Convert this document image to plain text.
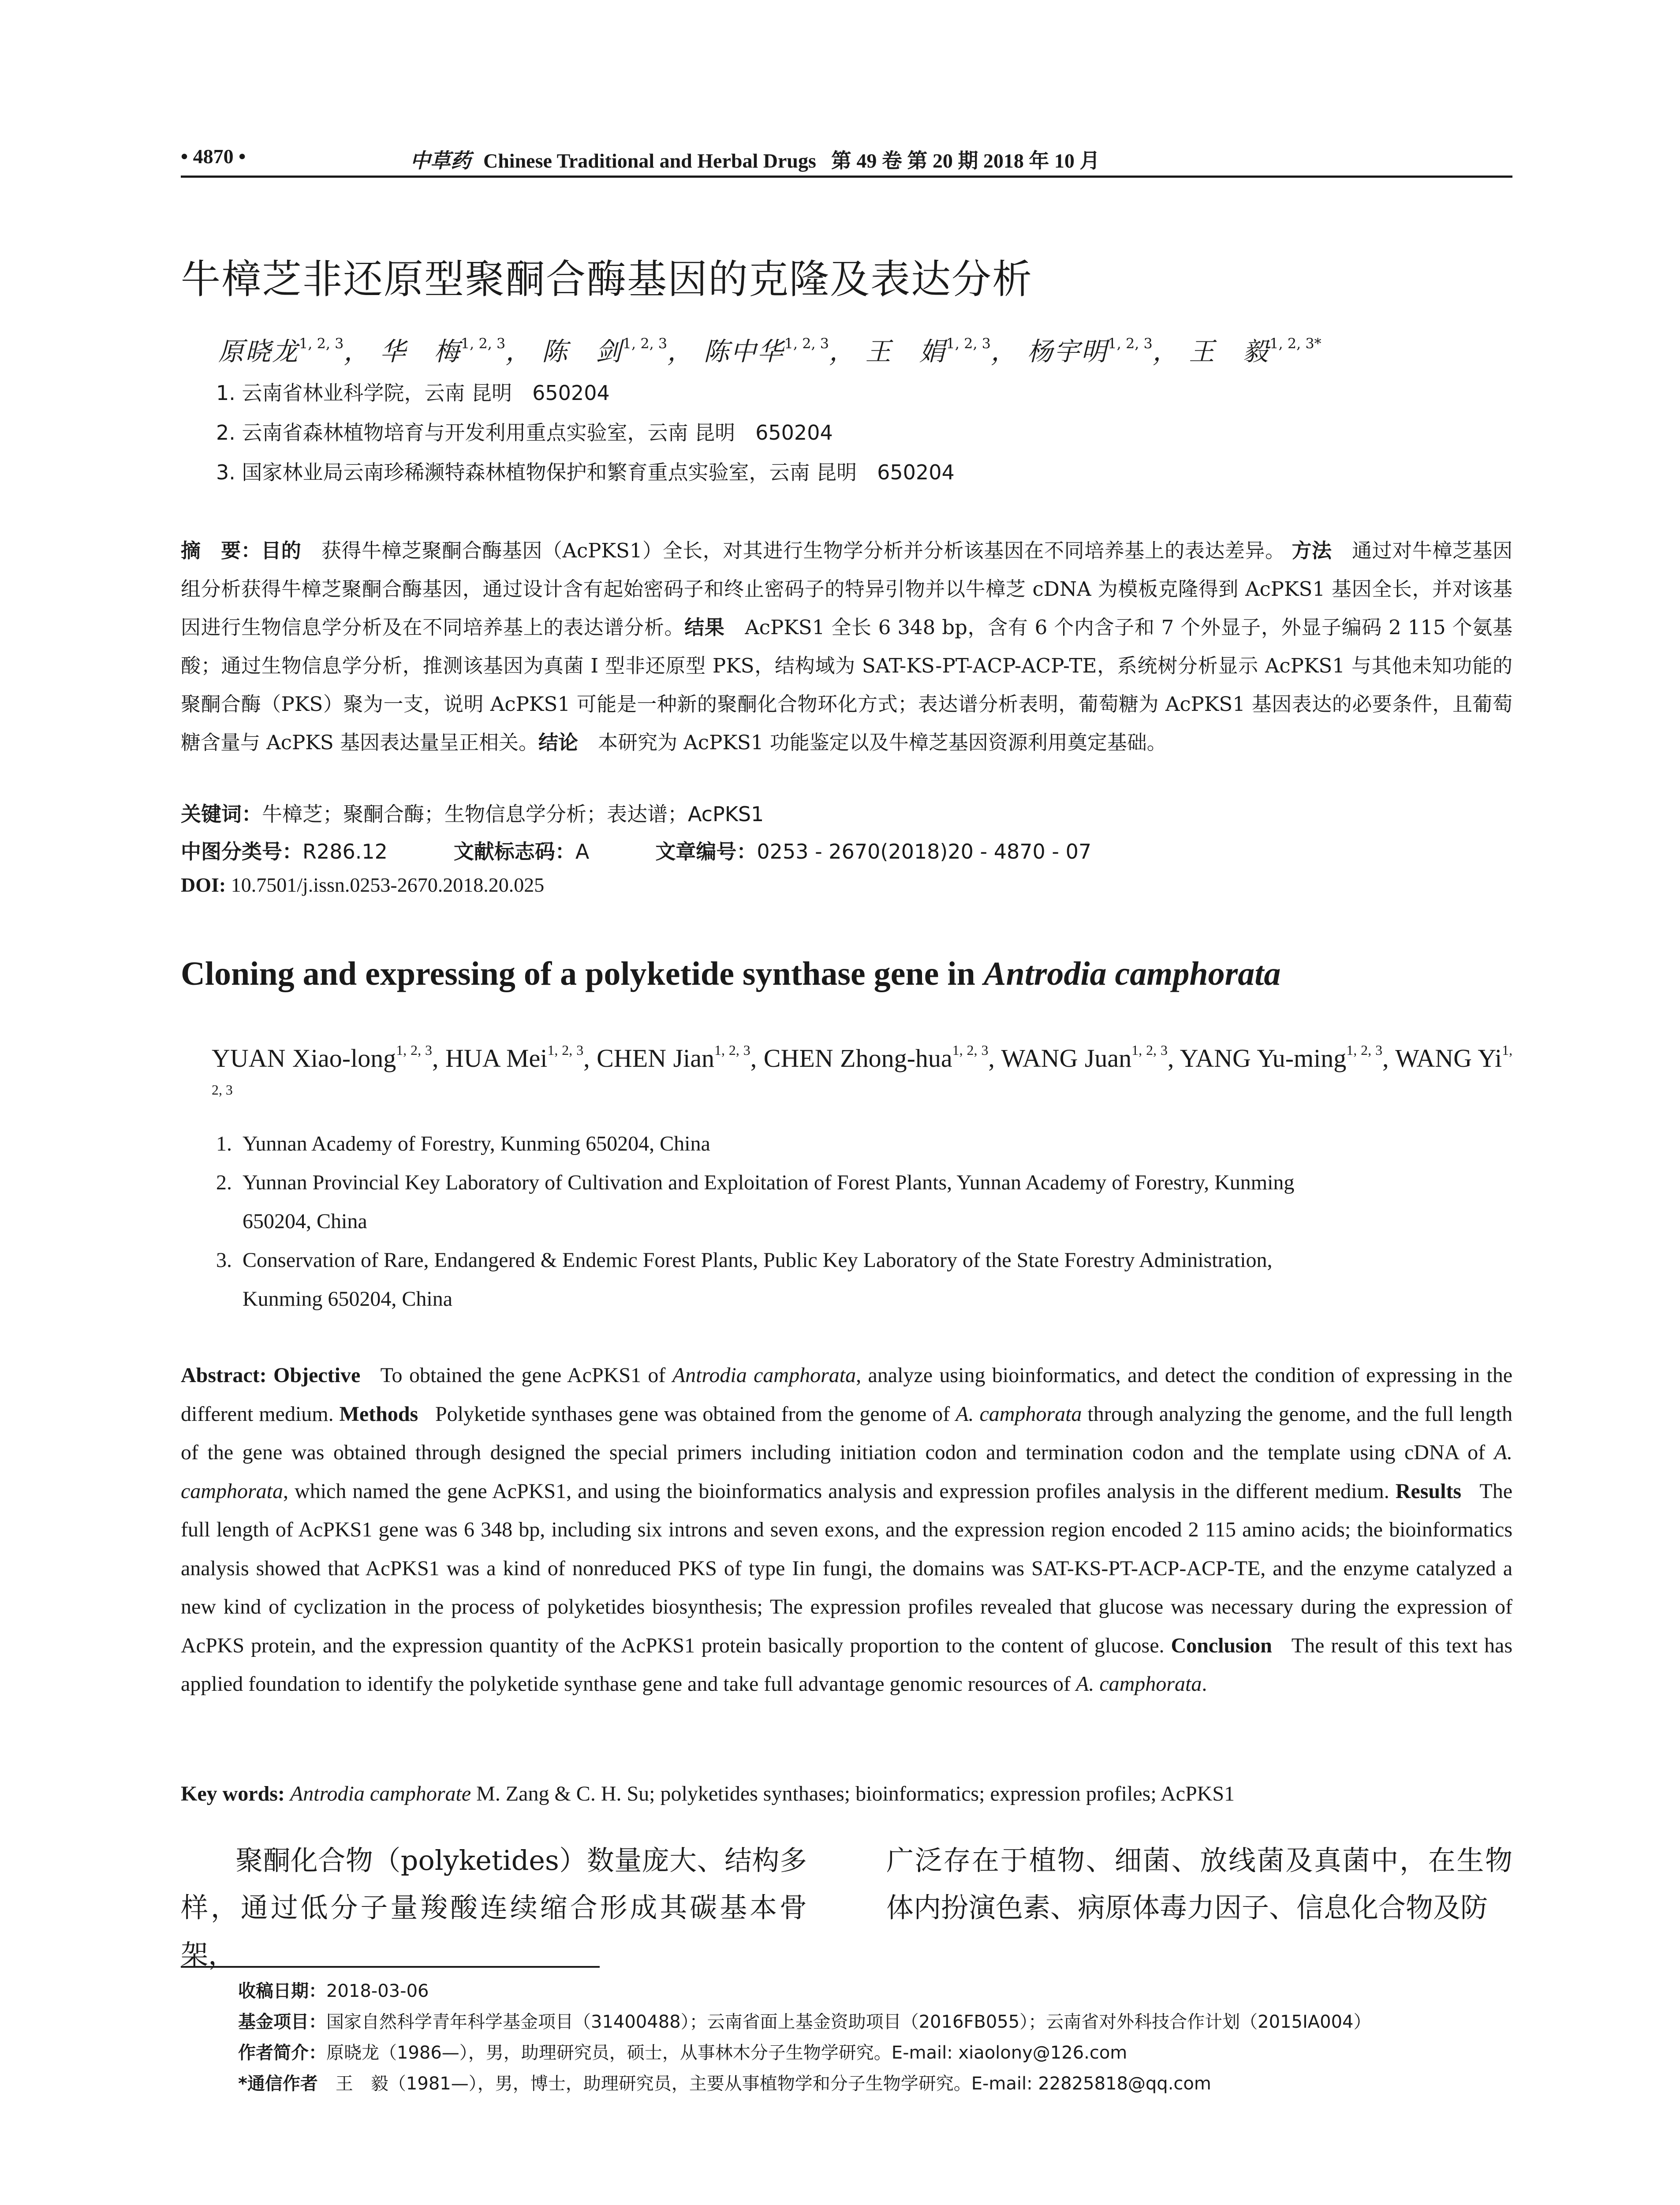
• 4870 •	中草药 Chinese Traditional and Herbal Drugs 第 49 卷 第 20 期 2018 年 10 月
牛樟芝非还原型聚酮合酶基因的克隆及表达分析
原晓龙$^{1, 2, 3}$， 华　梅$^{1, 2, 3}$， 陈　剑$^{1, 2, 3}$， 陈中华$^{1, 2, 3}$， 王　娟$^{1, 2, 3}$， 杨宇明$^{1, 2, 3}$， 王　毅$^{1, 2, 3*}$
1. 云南省林业科学院，云南 昆明　650204
2. 云南省森林植物培育与开发利用重点实验室，云南 昆明　650204
3. 国家林业局云南珍稀濒特森林植物保护和繁育重点实验室，云南 昆明　650204
摘　要：目的　 获得牛樟芝聚酮合酶基因（AcPKS1）全长，对其进行生物学分析并分析该基因在不同培养基上的表达差异。 方法　 通过对牛樟芝基因组分析获得牛樟芝聚酮合酶基因，通过设计含有起始密码子和终止密码子的特异引物并以牛樟芝 cDNA 为模板克隆得到 AcPKS1 基因全长，并对该基因进行生物信息学分析及在不同培养基上的表达谱分析。结果　 AcPKS1 全长 6 348 bp，含有 6 个内含子和 7 个外显子，外显子编码 2 115 个氨基酸；通过生物信息学分析，推测该基因为真菌 I 型非还原型 PKS，结构域为 SAT-KS-PT-ACP-ACP-TE，系统树分析显示 AcPKS1 与其他未知功能的聚酮合酶（PKS）聚为一支，说明 AcPKS1 可能是一种新的聚酮化合物环化方式；表达谱分析表明，葡萄糖为 AcPKS1 基因表达的必要条件，且葡萄糖含量与 AcPKS 基因表达量呈正相关。结论　 本研究为 AcPKS1 功能鉴定以及牛樟芝基因资源利用奠定基础。
关键词：牛樟芝；聚酮合酶；生物信息学分析；表达谱；AcPKS1
中图分类号：R286.12	文献标志码：A	文章编号：0253 - 2670(2018)20 - 4870 - 07
DOI: 10.7501/j.issn.0253-2670.2018.20.025
Cloning and expressing of a polyketide synthase gene in Antrodia camphorata
YUAN Xiao-long$^{1, 2, 3}$, HUA Mei$^{1, 2, 3}$, CHEN Jian$^{1, 2, 3}$, CHEN Zhong-hua$^{1, 2, 3}$, WANG Juan$^{1, 2, 3}$, YANG Yu-ming$^{1, 2, 3}$, WANG Yi$^{1, 2, 3}$
1. Yunnan Academy of Forestry, Kunming 650204, China
2. Yunnan Provincial Key Laboratory of Cultivation and Exploitation of Forest Plants, Yunnan Academy of Forestry, Kunming
650204, China
3. Conservation of Rare, Endangered & Endemic Forest Plants, Public Key Laboratory of the State Forestry Administration,
Kunming 650204, China
Abstract: Objective To obtained the gene AcPKS1 of Antrodia camphorata, analyze using bioinformatics, and detect the condition of expressing in the different medium. Methods Polyketide synthases gene was obtained from the genome of A. camphorata through analyzing the genome, and the full length of the gene was obtained through designed the special primers including initiation codon and termination codon and the template using cDNA of A. camphorata, which named the gene AcPKS1, and using the bioinformatics analysis and expression profiles analysis in the different medium. Results The full length of AcPKS1 gene was 6 348 bp, including six introns and seven exons, and the expression region encoded 2 115 amino acids; the bioinformatics analysis showed that AcPKS1 was a kind of nonreduced PKS of type Iin fungi, the domains was SAT-KS-PT-ACP-ACP-TE, and the enzyme catalyzed a new kind of cyclization in the process of polyketides biosynthesis; The expression profiles revealed that glucose was necessary during the expression of AcPKS protein, and the expression quantity of the AcPKS1 protein basically proportion to the content of glucose. Conclusion The result of this text has applied foundation to identify the polyketide synthase gene and take full advantage genomic resources of A. camphorata.
Key words: Antrodia camphorate M. Zang & C. H. Su; polyketides synthases; bioinformatics; expression profiles; AcPKS1
聚酮化合物（polyketides）数量庞大、结构多样，通过低分子量羧酸连续缩合形成其碳基本骨架，
广泛存在于植物、细菌、放线菌及真菌中，在生物体内扮演色素、病原体毒力因子、信息化合物及防
收稿日期：2018-03-06
基金项目：国家自然科学青年科学基金项目（31400488）；云南省面上基金资助项目（2016FB055）；云南省对外科技合作计划（2015IA004）
作者简介：原晓龙（1986—），男，助理研究员，硕士，从事林木分子生物学研究。E-mail: xiaolony@126.com
*通信作者　 王　毅（1981—），男，博士，助理研究员，主要从事植物学和分子生物学研究。E-mail: 22825818@qq.com
